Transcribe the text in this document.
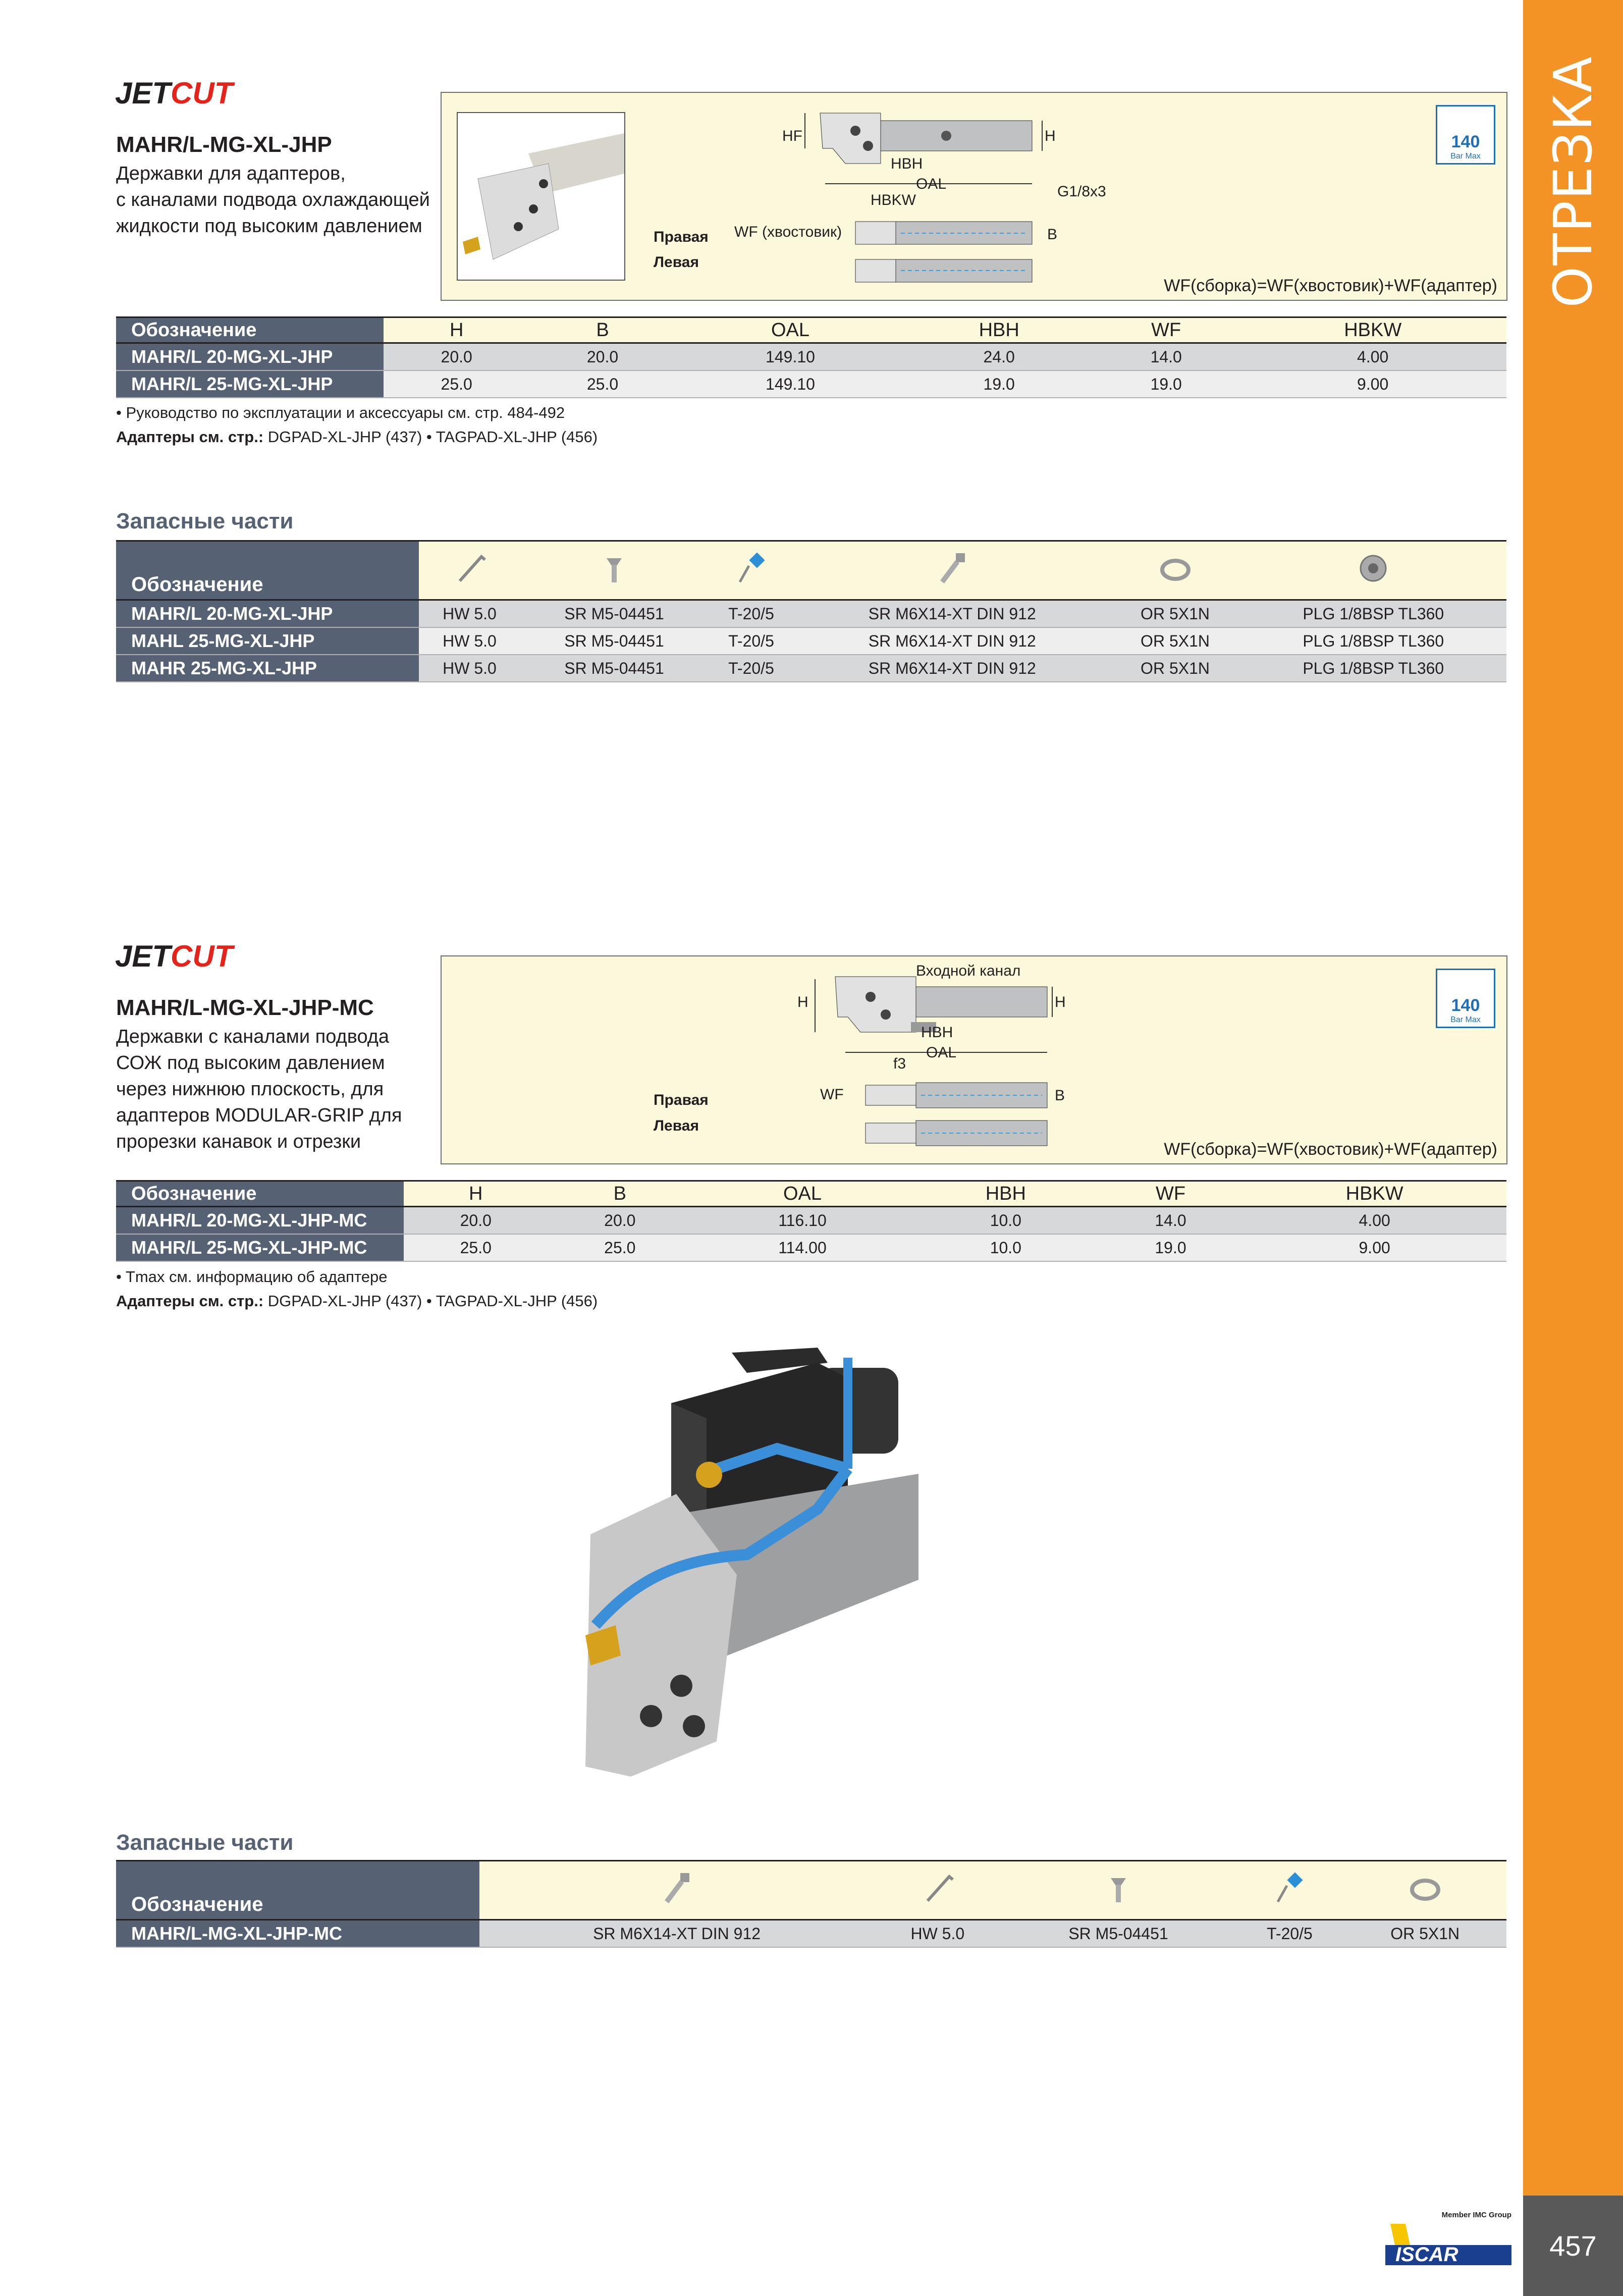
ОТРЕЗКА
457
Member IMC Group
ISCAR
JETCUT
MAHR/L-MG-XL-JHP
Державки для адаптеров,
с каналами подвода охлаждающей
жидкости под высоким давлением
HF	H
HBH
OAL
HBKW
G1/8x3
WF (хвостовик)	B
Правая
Левая
140
Bar Max
WF(сборка)=WF(хвостовик)+WF(адаптер)
Обозначение	H	B	OAL	HBH	WF	HBKW
MAHR/L 20-MG-XL-JHP	20.0	20.0	149.10	24.0	14.0	4.00
MAHR/L 25-MG-XL-JHP	25.0	25.0	149.10	19.0	19.0	9.00
• Руководство по эксплуатации и аксессуары см. стр. 484-492
Адаптеры см. стр.: DGPAD-XL-JHP (437) • TAGPAD-XL-JHP (456)
Запасные части
Обозначение						
MAHR/L 20-MG-XL-JHP	HW 5.0	SR M5-04451	T-20/5	SR M6X14-XT DIN 912	OR 5X1N	PLG 1/8BSP TL360
MAHL 25-MG-XL-JHP	HW 5.0	SR M5-04451	T-20/5	SR M6X14-XT DIN 912	OR 5X1N	PLG 1/8BSP TL360
MAHR 25-MG-XL-JHP	HW 5.0	SR M5-04451	T-20/5	SR M6X14-XT DIN 912	OR 5X1N	PLG 1/8BSP TL360
JETCUT
MAHR/L-MG-XL-JHP-MC
Державки с каналами подвода
СОЖ под высоким давлением
через нижнюю плоскость, для
адаптеров MODULAR-GRIP для
прорезки канавок и отрезки
Входной канал
H	H
HBH
OAL
f3
WF	B
Правая
Левая
140
Bar Max
WF(сборка)=WF(хвостовик)+WF(адаптер)
Обозначение	H	B	OAL	HBH	WF	HBKW
MAHR/L 20-MG-XL-JHP-MC	20.0	20.0	116.10	10.0	14.0	4.00
MAHR/L 25-MG-XL-JHP-MC	25.0	25.0	114.00	10.0	19.0	9.00
• Tmax см. информацию об адаптере
Адаптеры см. стр.: DGPAD-XL-JHP (437) • TAGPAD-XL-JHP (456)
Запасные части
Обозначение					
MAHR/L-MG-XL-JHP-MC	SR M6X14-XT DIN 912	HW 5.0	SR M5-04451	T-20/5	OR 5X1N
